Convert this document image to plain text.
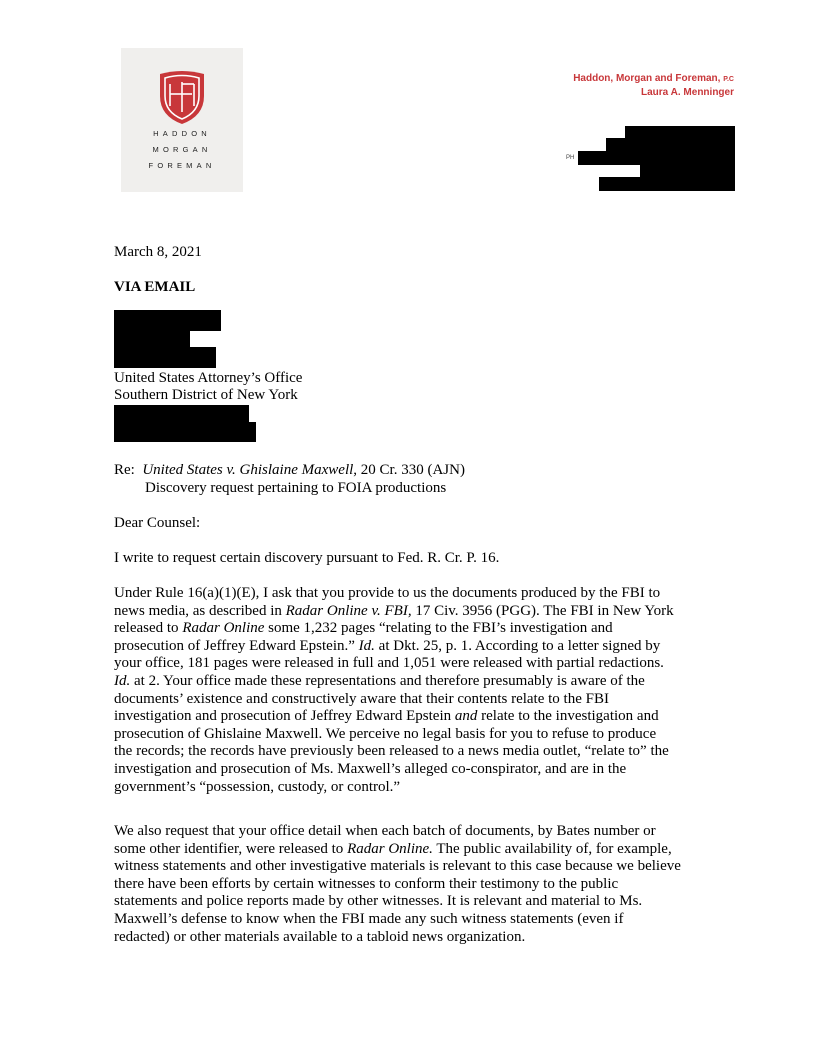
HADDON
MORGAN
FOREMAN
Haddon, Morgan and Foreman, P.C
Laura A. Menninger
PH
March 8, 2021
VIA EMAIL
United States Attorney’s Office
Southern District of New York
Re: United States v. Ghislaine Maxwell, 20 Cr. 330 (AJN)
Discovery request pertaining to FOIA productions
Dear Counsel:
I write to request certain discovery pursuant to Fed. R. Cr. P. 16.
Under Rule 16(a)(1)(E), I ask that you provide to us the documents produced by the FBI to
news media, as described in Radar Online v. FBI, 17 Civ. 3956 (PGG). The FBI in New York
released to Radar Online some 1,232 pages “relating to the FBI’s investigation and
prosecution of Jeffrey Edward Epstein.” Id. at Dkt. 25, p. 1. According to a letter signed by
your office, 181 pages were released in full and 1,051 were released with partial redactions.
Id. at 2. Your office made these representations and therefore presumably is aware of the
documents’ existence and constructively aware that their contents relate to the FBI
investigation and prosecution of Jeffrey Edward Epstein and relate to the investigation and
prosecution of Ghislaine Maxwell. We perceive no legal basis for you to refuse to produce
the records; the records have previously been released to a news media outlet, “relate to” the
investigation and prosecution of Ms. Maxwell’s alleged co-conspirator, and are in the
government’s “possession, custody, or control.”
We also request that your office detail when each batch of documents, by Bates number or
some other identifier, were released to Radar Online. The public availability of, for example,
witness statements and other investigative materials is relevant to this case because we believe
there have been efforts by certain witnesses to conform their testimony to the public
statements and police reports made by other witnesses. It is relevant and material to Ms.
Maxwell’s defense to know when the FBI made any such witness statements (even if
redacted) or other materials available to a tabloid news organization.
